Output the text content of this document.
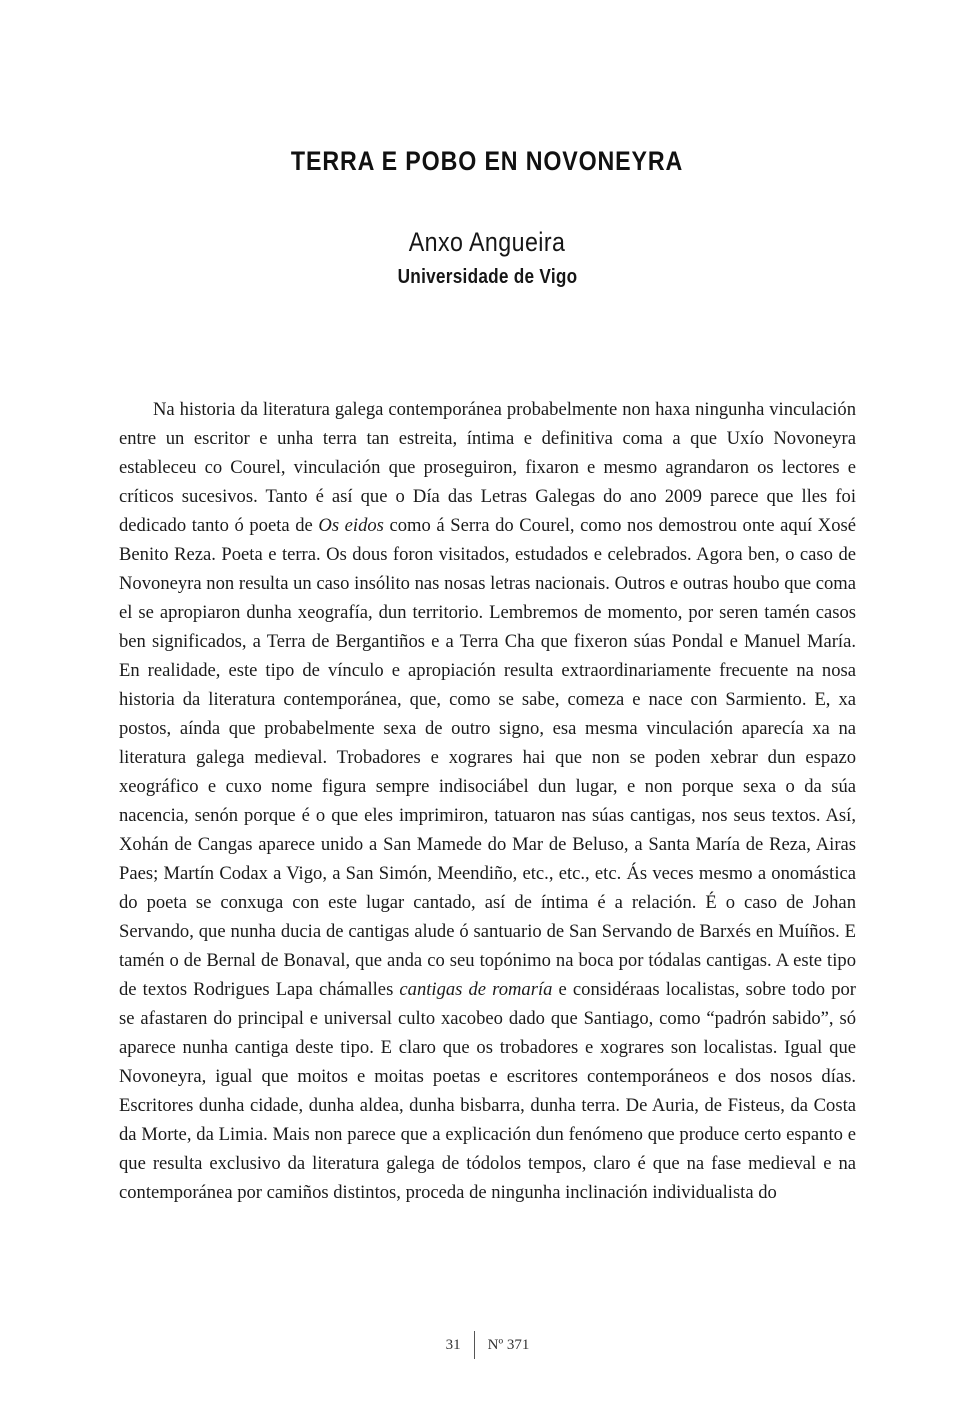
TERRA E POBO EN NOVONEYRA
Anxo Angueira
Universidade de Vigo

Na historia da literatura galega contemporánea probabelmente non haxa ningunha vinculación entre un escritor e unha terra tan estreita, íntima e definitiva coma a que Uxío Novoneyra estableceu co Courel, vinculación que proseguiron, fixaron e mesmo agrandaron os lectores e críticos sucesivos. Tanto é así que o Día das Letras Galegas do ano 2009 parece que lles foi dedicado tanto ó poeta de Os eidos como á Serra do Courel, como nos demostrou onte aquí Xosé Benito Reza. Poeta e terra. Os dous foron visitados, estudados e celebrados. Agora ben, o caso de Novoneyra non resulta un caso insólito nas nosas letras nacionais. Outros e outras houbo que coma el se apropiaron dunha xeografía, dun territorio. Lembremos de momento, por seren tamén casos ben significados, a Terra de Bergantiños e a Terra Cha que fixeron súas Pondal e Manuel María. En realidade, este tipo de vínculo e apropiación resulta extraordinariamente frecuente na nosa historia da literatura contemporánea, que, como se sabe, comeza e nace con Sarmiento. E, xa postos, aínda que probabelmente sexa de outro signo, esa mesma vinculación aparecía xa na literatura galega medieval. Trobadores e xograres hai que non se poden xebrar dun espazo xeográfico e cuxo nome figura sempre indisociábel dun lugar, e non porque sexa o da súa nacencia, senón porque é o que eles imprimiron, tatuaron nas súas cantigas, nos seus textos. Así, Xohán de Cangas aparece unido a San Mamede do Mar de Beluso, a Santa María de Reza, Airas Paes; Martín Codax a Vigo, a San Simón, Meendiño, etc., etc., etc. Ás veces mesmo a onomástica do poeta se conxuga con este lugar cantado, así de íntima é a relación. É o caso de Johan Servando, que nunha ducia de cantigas alude ó santuario de San Servando de Barxés en Muíños. E tamén o de Bernal de Bonaval, que anda co seu topónimo na boca por tódalas cantigas. A este tipo de textos Rodrigues Lapa chámalles cantigas de romaría e considéraas localistas, sobre todo por se afastaren do principal e universal culto xacobeo dado que Santiago, como “padrón sabido”, só aparece nunha cantiga deste tipo. E claro que os trobadores e xograres son localistas. Igual que Novoneyra, igual que moitos e moitas poetas e escritores contemporáneos e dos nosos días. Escritores dunha cidade, dunha aldea, dunha bisbarra, dunha terra. De Auria, de Fisteus, da Costa da Morte, da Limia. Mais non parece que a explicación dun fenómeno que produce certo espanto e que resulta exclusivo da literatura galega de tódolos tempos, claro é que na fase medieval e na contemporánea por camiños distintos, proceda de ningunha inclinación individualista do

31 Nº 371
